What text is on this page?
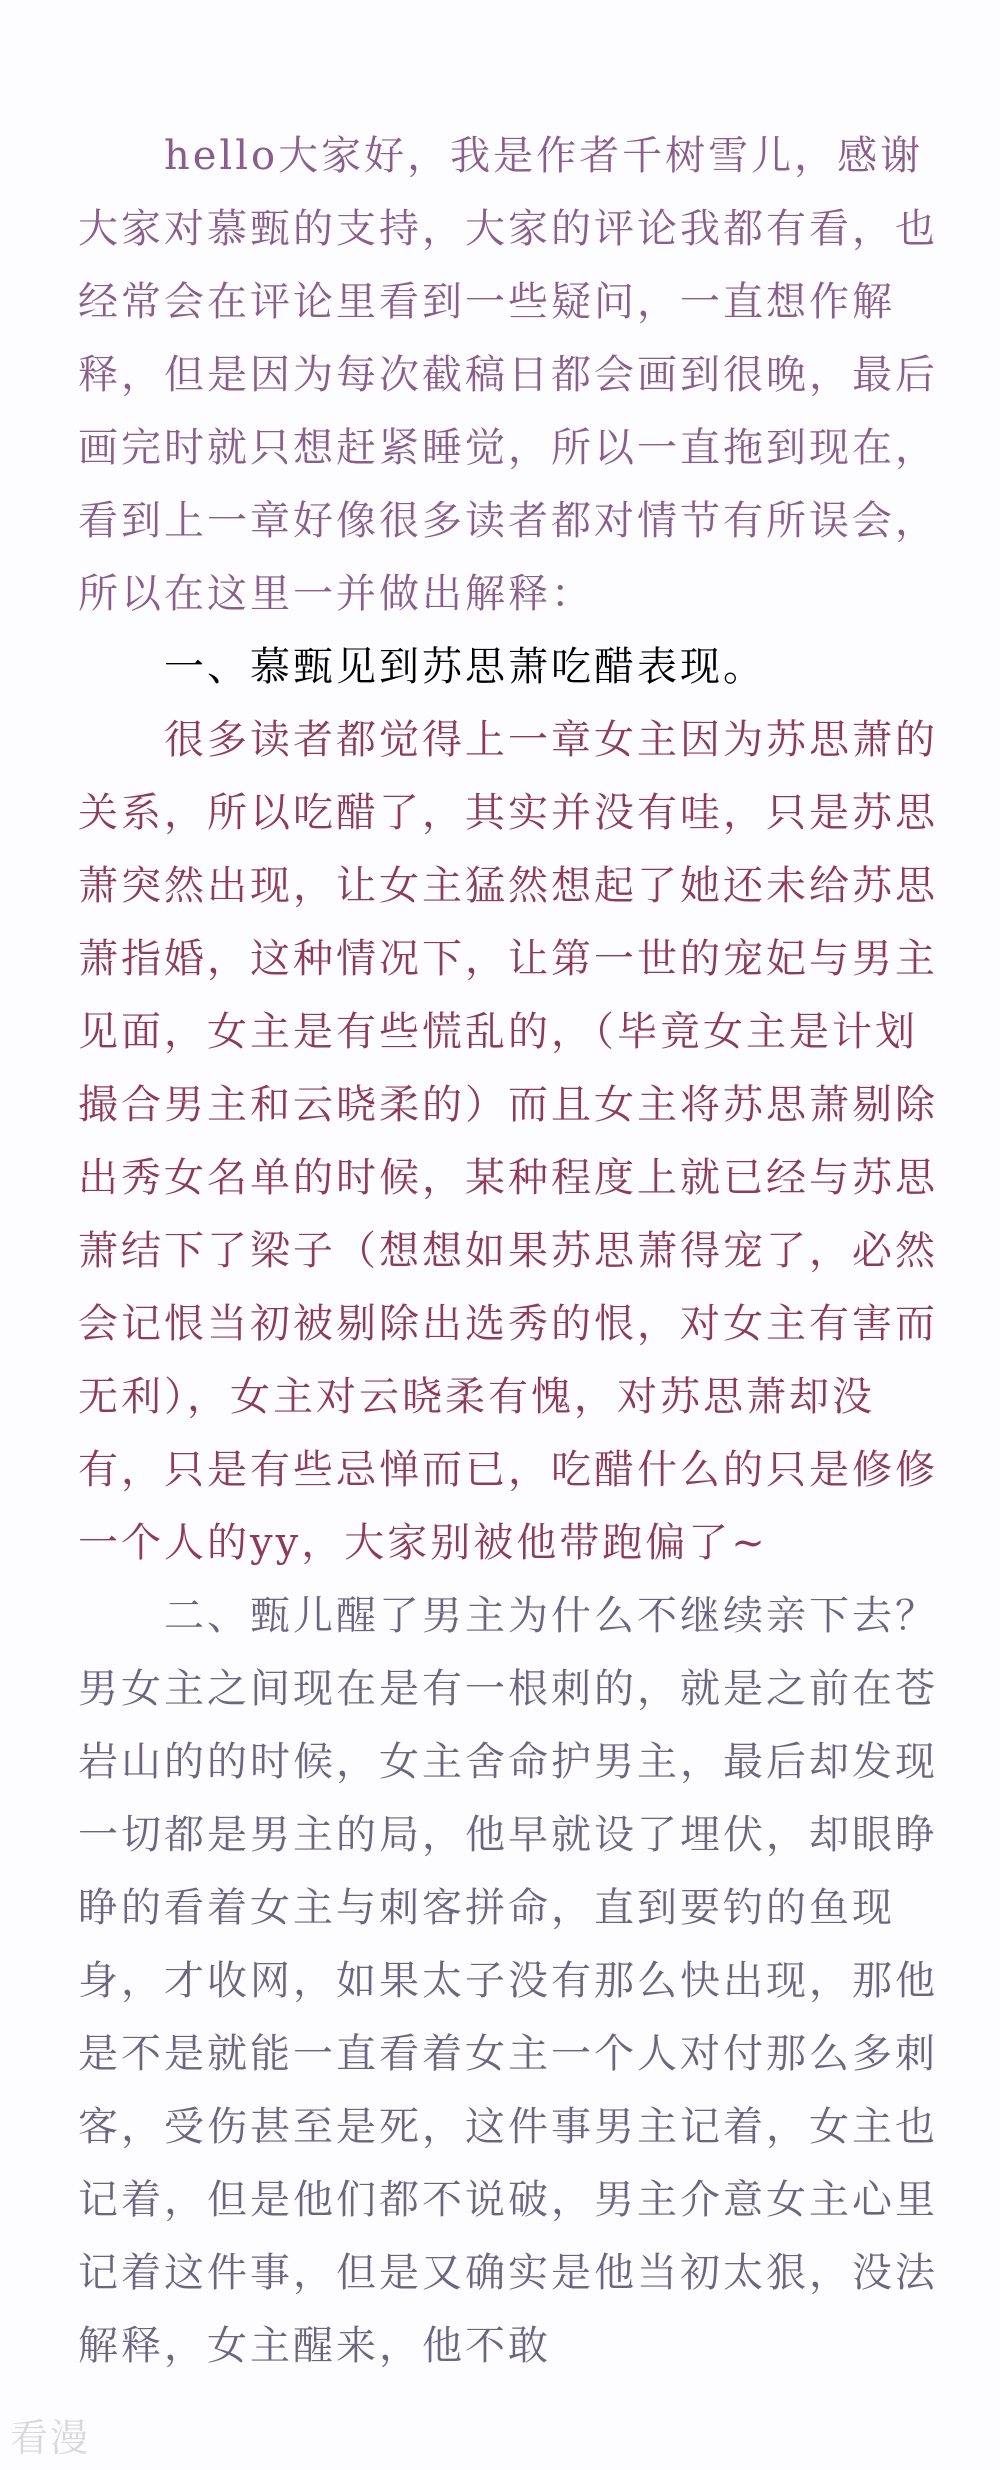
hello大家好，我是作者千树雪儿，感谢大家对慕甄的支持，大家的评论我都有看，也经常会在评论里看到一些疑问，一直想作解释，但是因为每次截稿日都会画到很晚，最后画完时就只想赶紧睡觉，所以一直拖到现在，看到上一章好像很多读者都对情节有所误会，所以在这里一并做出解释：

一、慕甄见到苏思萧吃醋表现。

很多读者都觉得上一章女主因为苏思萧的关系，所以吃醋了，其实并没有哇，只是苏思萧突然出现，让女主猛然想起了她还未给苏思萧指婚，这种情况下，让第一世的宠妃与男主见面，女主是有些慌乱的，（毕竟女主是计划撮合男主和云晓柔的）而且女主将苏思萧剔除出秀女名单的时候，某种程度上就已经与苏思萧结下了梁子（想想如果苏思萧得宠了，必然会记恨当初被剔除出选秀的恨，对女主有害而无利），女主对云晓柔有愧，对苏思萧却没有，只是有些忌惮而已，吃醋什么的只是修修一个人的yy，大家别被他带跑偏了~

二、甄儿醒了男主为什么不继续亲下去？男女主之间现在是有一根刺的，就是之前在苍岩山的的时候，女主舍命护男主，最后却发现一切都是男主的局，他早就设了埋伏，却眼睁睁的看着女主与刺客拼命，直到要钓的鱼现身，才收网，如果太子没有那么快出现，那他是不是就能一直看着女主一个人对付那么多刺客，受伤甚至是死，这件事男主记着，女主也记着，但是他们都不说破，男主介意女主心里记着这件事，但是又确实是他当初太狠，没法解释，女主醒来，他不敢

看漫
